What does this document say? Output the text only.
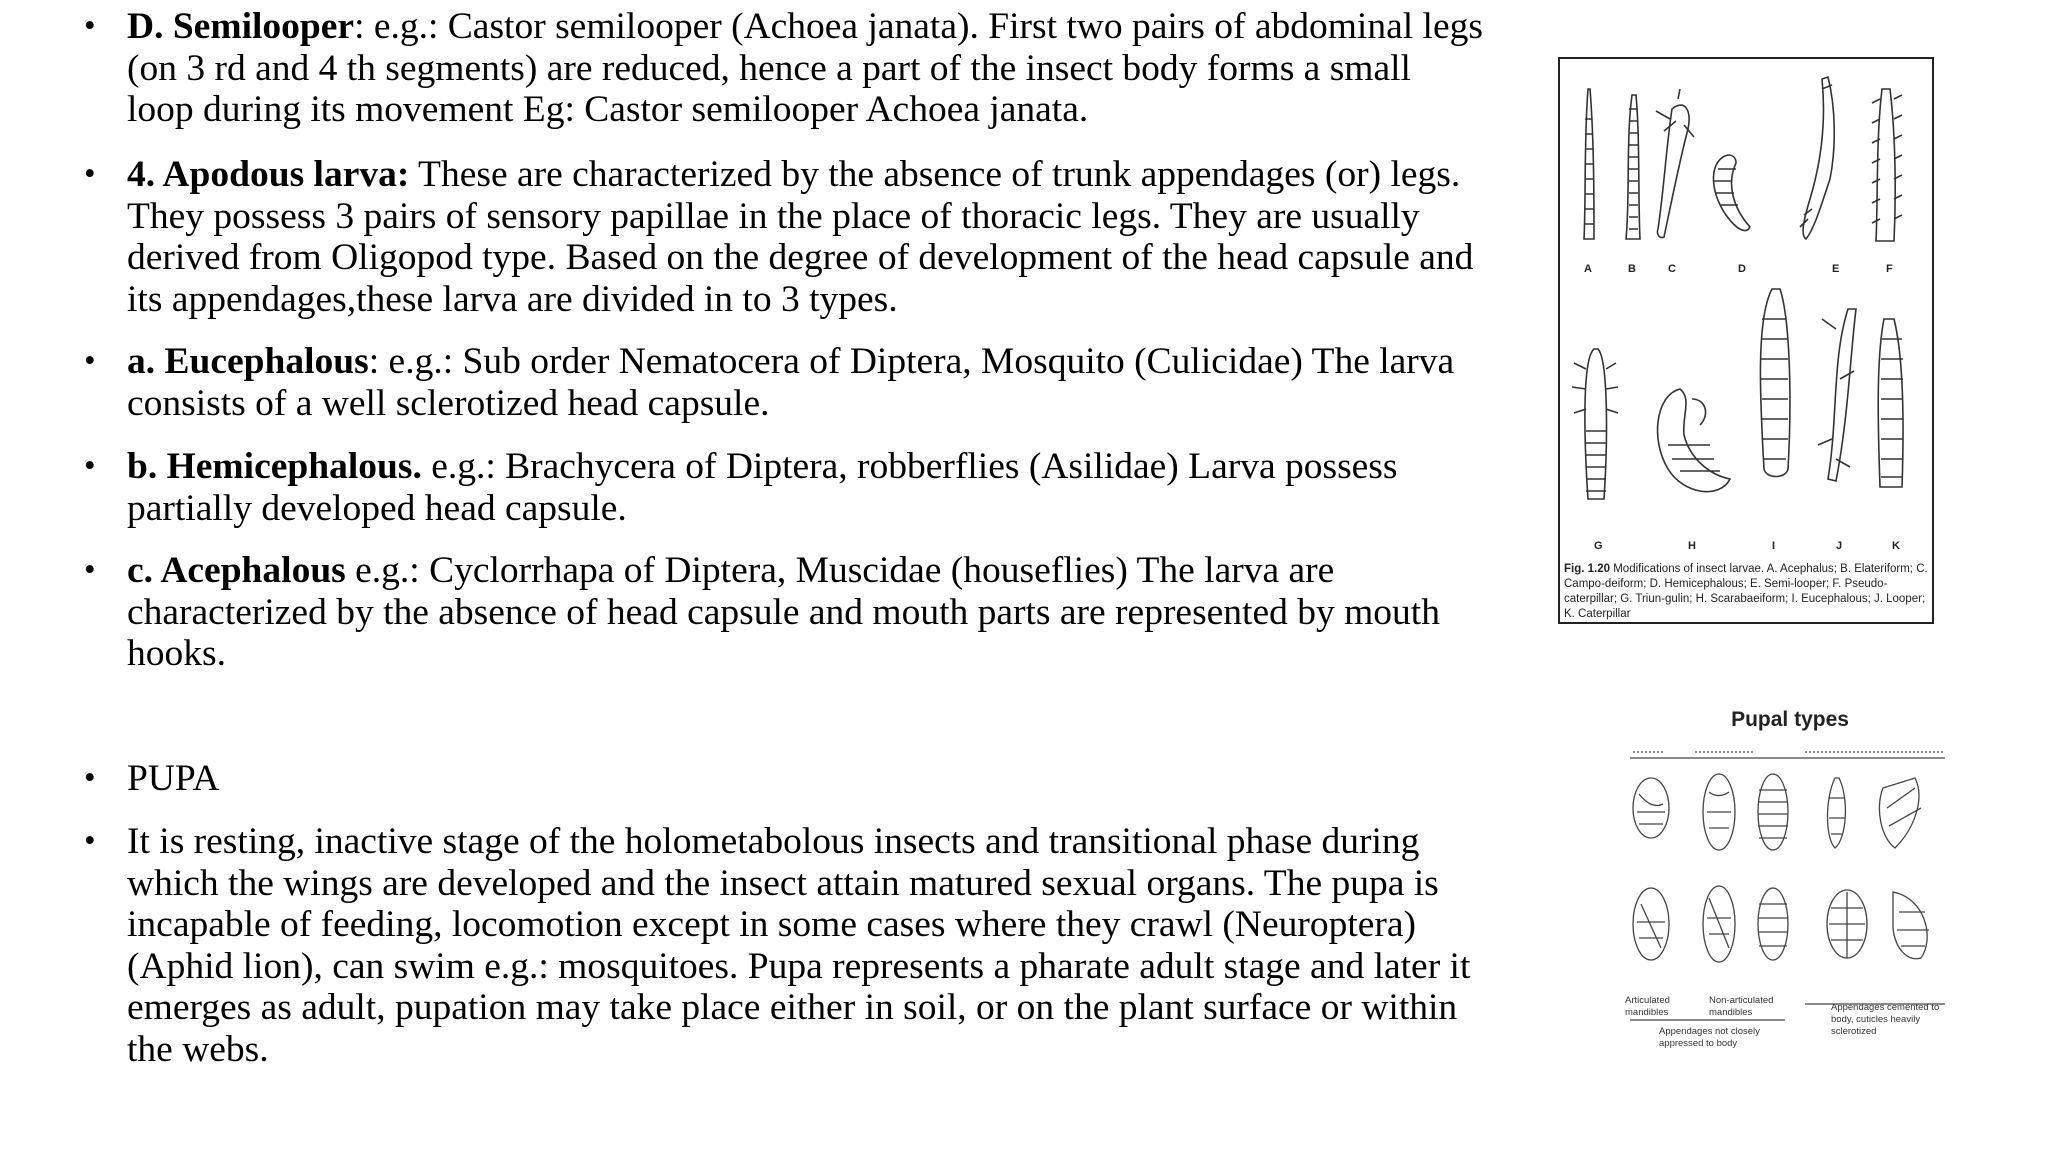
• D. Semilooper: e.g.: Castor semilooper (Achoea janata). First two pairs of abdominal legs (on 3 rd and 4 th segments) are reduced, hence a part of the insect body forms a small loop during its movement Eg: Castor semilooper Achoea janata.

• 4. Apodous larva: These are characterized by the absence of trunk appendages (or) legs. They possess 3 pairs of sensory papillae in the place of thoracic legs. They are usually derived from Oligopod type. Based on the degree of development of the head capsule and its appendages,these larva are divided in to 3 types.

• a. Eucephalous: e.g.: Sub order Nematocera of Diptera, Mosquito (Culicidae) The larva consists of a well sclerotized head capsule.

• b. Hemicephalous. e.g.: Brachycera of Diptera, robberflies (Asilidae) Larva possess partially developed head capsule.

• c. Acephalous e.g.: Cyclorrhapa of Diptera, Muscidae (houseflies) The larva are characterized by the absence of head capsule and mouth parts are represented by mouth hooks.

• PUPA

• It is resting, inactive stage of the holometabolous insects and transitional phase during which the wings are developed and the insect attain matured sexual organs. The pupa is incapable of feeding, locomotion except in some cases where they crawl (Neuroptera) (Aphid lion), can swim e.g.: mosquitoes. Pupa represents a pharate adult stage and later it emerges as adult, pupation may take place either in soil, or on the plant surface or within the webs.

A	B	C	D	E	F
G	H	I	J	K
Fig. 1.20 Modifications of insect larvae. A. Acephalus; B. Elateriform; C. Campo-deiform; D. Hemicephalous; E. Semi-looper; F. Pseudo-caterpillar; G. Triun-gulin; H. Scarabaeiform; I. Eucephalous; J. Looper; K. Caterpillar
Pupal types
Articulated mandibles
Non-articulated mandibles
Appendages not closely appressed to body
Appendages cemented to body, cuticles heavily sclerotized
